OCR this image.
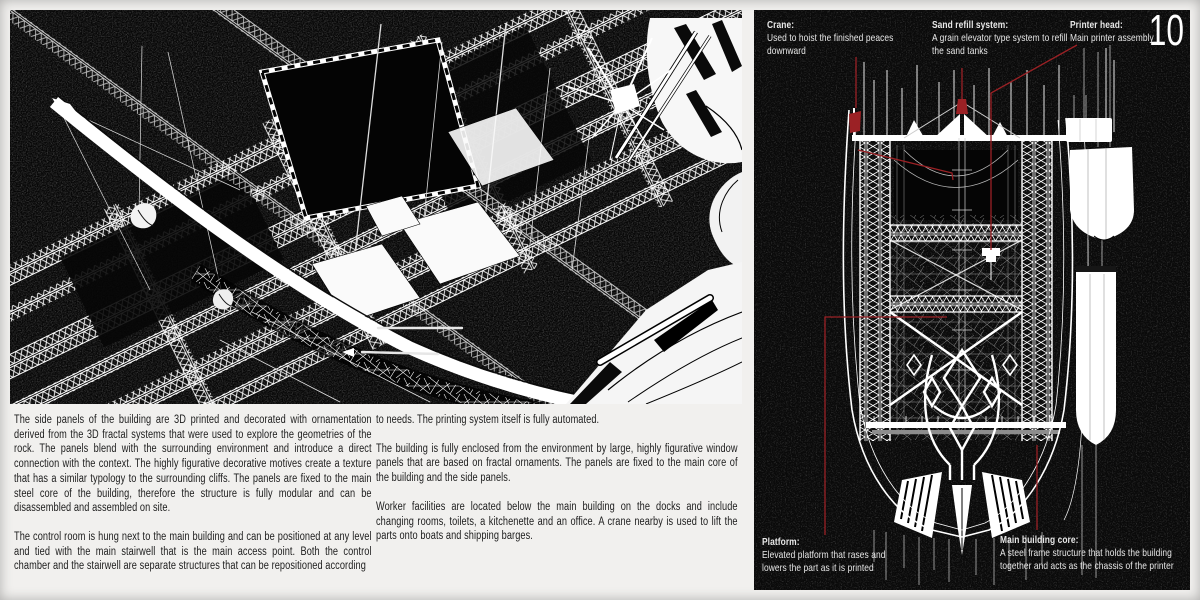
The side panels of the building are 3D printed and decorated with ornamentation derived from the 3D fractal systems that were used to explore the geometries of the rock. The panels blend with the surrounding environment and introduce a direct connection with the context. The highly figurative decorative motives create a texture that has a similar typology to the surrounding cliffs. The panels are fixed to the main steel core of the building, therefore the structure is fully modular and can be disassembled and assembled on site.

The control room is hung next to the main building and can be positioned at any level and tied with the main stairwell that is the main access point. Both the control chamber and the stairwell are separate structures that can be repositioned according

to needs. The printing system itself is fully automated.

The building is fully enclosed from the environment by large, highly figurative window panels that are based on fractal ornaments. The panels are fixed to the main core of the building and the side panels.

Worker facilities are located below the main building on the docks and include changing rooms, toilets, a kitchenette and an office. A crane nearby is used to lift the parts onto boats and shipping barges.

Crane:
Used to hoist the finished peaces downward
Sand refill system:
A grain elevator type system to refill the sand tanks
Printer head:
Main printer assembly
Platform:
Elevated platform that rases and lowers the part as it is printed
Main building core:
A steel frame structure that holds the building together and acts as the chassis of the printer
10
